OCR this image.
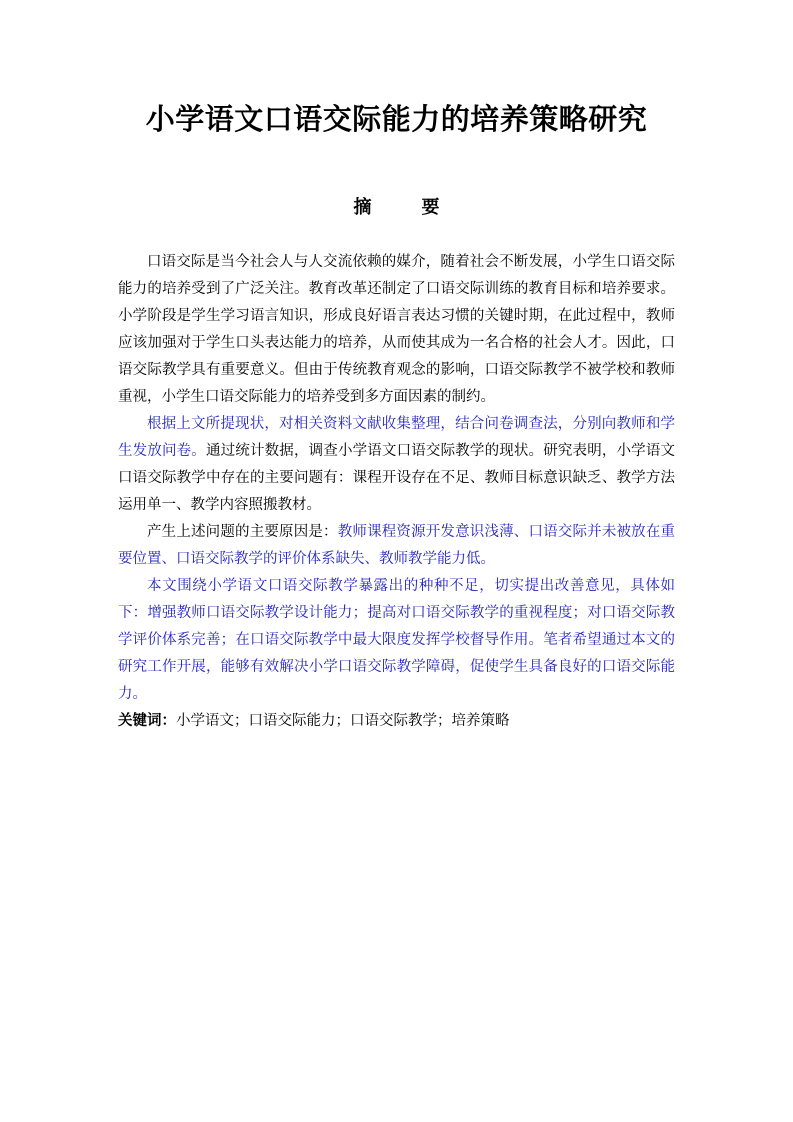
小学语文口语交际能力的培养策略研究
摘　要

口语交际是当今社会人与人交流依赖的媒介，随着社会不断发展，小学生口语交际能力的培养受到了广泛关注。教育改革还制定了口语交际训练的教育目标和培养要求。小学阶段是学生学习语言知识，形成良好语言表达习惯的关键时期，在此过程中，教师应该加强对于学生口头表达能力的培养，从而使其成为一名合格的社会人才。因此，口语交际教学具有重要意义。但由于传统教育观念的影响，口语交际教学不被学校和教师重视，小学生口语交际能力的培养受到多方面因素的制约。

根据上文所提现状，对相关资料文献收集整理，结合问卷调查法，分别向教师和学生发放问卷。通过统计数据，调查小学语文口语交际教学的现状。研究表明，小学语文口语交际教学中存在的主要问题有：课程开设存在不足、教师目标意识缺乏、教学方法运用单一、教学内容照搬教材。

产生上述问题的主要原因是：教师课程资源开发意识浅薄、口语交际并未被放在重要位置、口语交际教学的评价体系缺失、教师教学能力低。

本文围绕小学语文口语交际教学暴露出的种种不足，切实提出改善意见，具体如下：增强教师口语交际教学设计能力；提高对口语交际教学的重视程度；对口语交际教学评价体系完善；在口语交际教学中最大限度发挥学校督导作用。笔者希望通过本文的研究工作开展，能够有效解决小学口语交际教学障碍，促使学生具备良好的口语交际能力。

关键词：小学语文；口语交际能力；口语交际教学；培养策略
